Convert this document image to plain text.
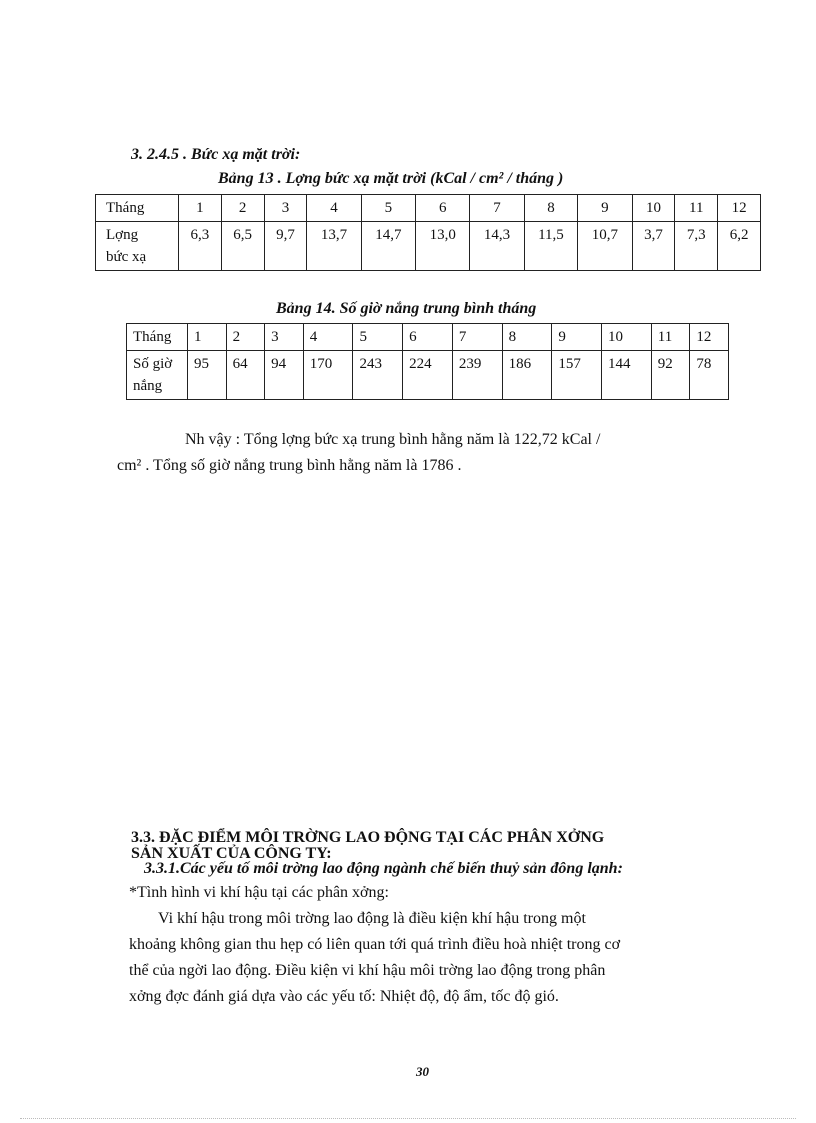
3. 2.4.5 . Bức xạ mặt trời:
Bảng 13 . Lợng bức xạ mặt trời (kCal / cm² / tháng )
Tháng	1	2	3	4	5	6	7	8	9	10	11	12

Lợng
bức xạ	6,3	6,5	9,7	13,7	14,7	13,0	14,3	11,5	10,7	3,7	7,3	6,2
Bảng 14. Số giờ nắng trung bình tháng
Tháng	1	2	3	4	5	6	7	8	9	10	11	12

Số giờ
nắng	95	64	94	170	243	224	239	186	157	144	92	78
Nh vậy : Tổng lợng bức xạ trung bình hằng năm là 122,72 kCal /
cm² . Tổng số giờ nắng trung bình hằng năm là 1786 .
3.3. ĐẶC ĐIỂM MÔI TRỜNG LAO ĐỘNG TẠI CÁC PHÂN XỞNG
SẢN XUẤT CỦA CÔNG TY:
3.3.1.Các yếu tố môi trờng lao động ngành chế biến thuỷ sản đông lạnh:
*Tình hình vi khí hậu tại các phân xởng:
Vi khí hậu trong môi trờng lao động là điều kiện khí hậu trong một
khoảng không gian thu hẹp có liên quan tới quá trình điều hoà nhiệt trong cơ
thể của ngời lao động. Điều kiện vi khí hậu môi trờng lao động trong phân
xởng đợc đánh giá dựa vào các yếu tố: Nhiệt độ, độ ẩm, tốc độ gió.
30
